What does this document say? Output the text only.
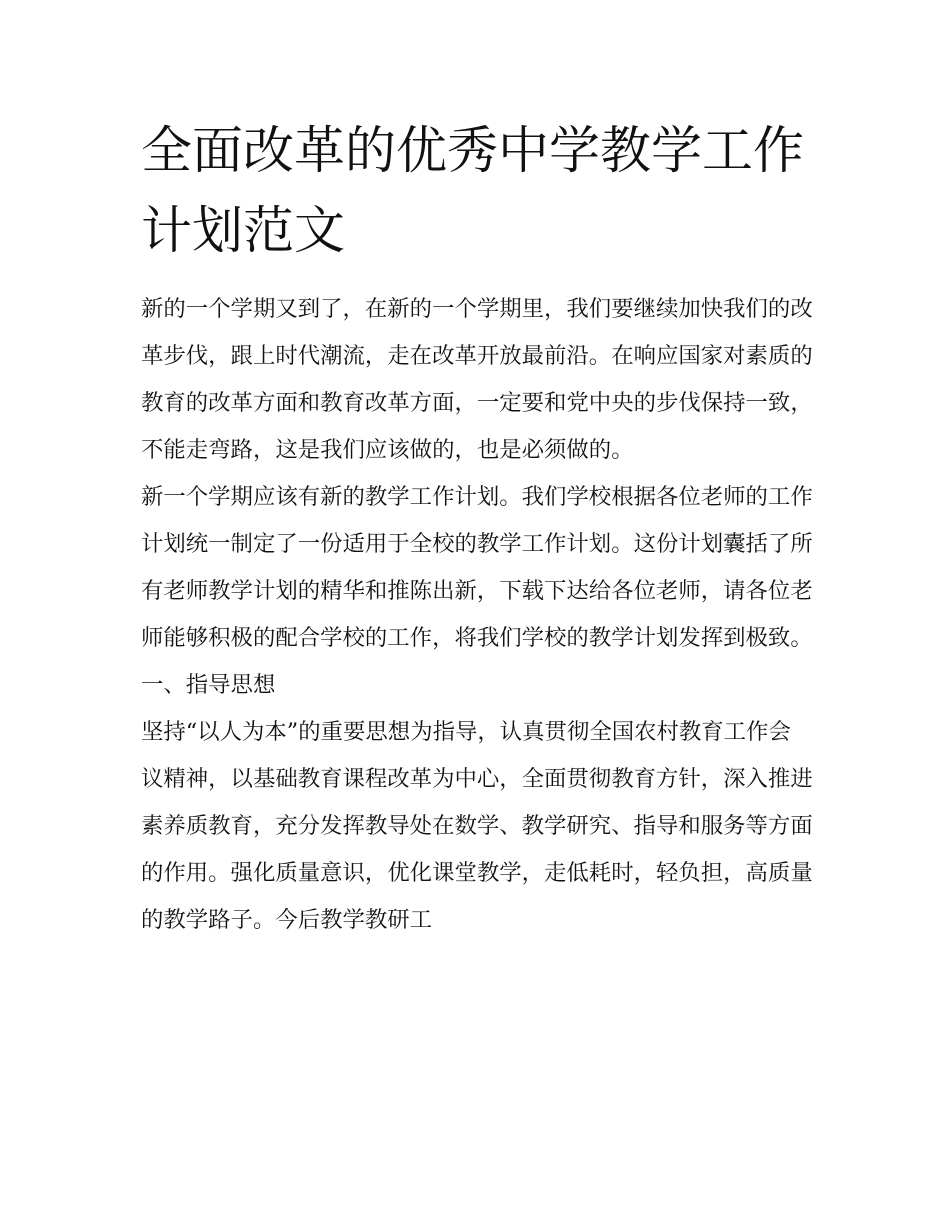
全面改革的优秀中学教学工作计划范文

新的一个学期又到了，在新的一个学期里，我们要继续加快我们的改革步伐，跟上时代潮流，走在改革开放最前沿。在响应国家对素质的教育的改革方面和教育改革方面，一定要和党中央的步伐保持一致，不能走弯路，这是我们应该做的，也是必须做的。

新一个学期应该有新的教学工作计划。我们学校根据各位老师的工作计划统一制定了一份适用于全校的教学工作计划。这份计划囊括了所有老师教学计划的精华和推陈出新，下载下达给各位老师，请各位老师能够积极的配合学校的工作，将我们学校的教学计划发挥到极致。

一、指导思想

坚持“以人为本”的重要思想为指导，认真贯彻全国农村教育工作会议精神，以基础教育课程改革为中心，全面贯彻教育方针，深入推进素养质教育，充分发挥教导处在数学、教学研究、指导和服务等方面的作用。强化质量意识，优化课堂教学，走低耗时，轻负担，高质量的教学路子。今后教学教研工
